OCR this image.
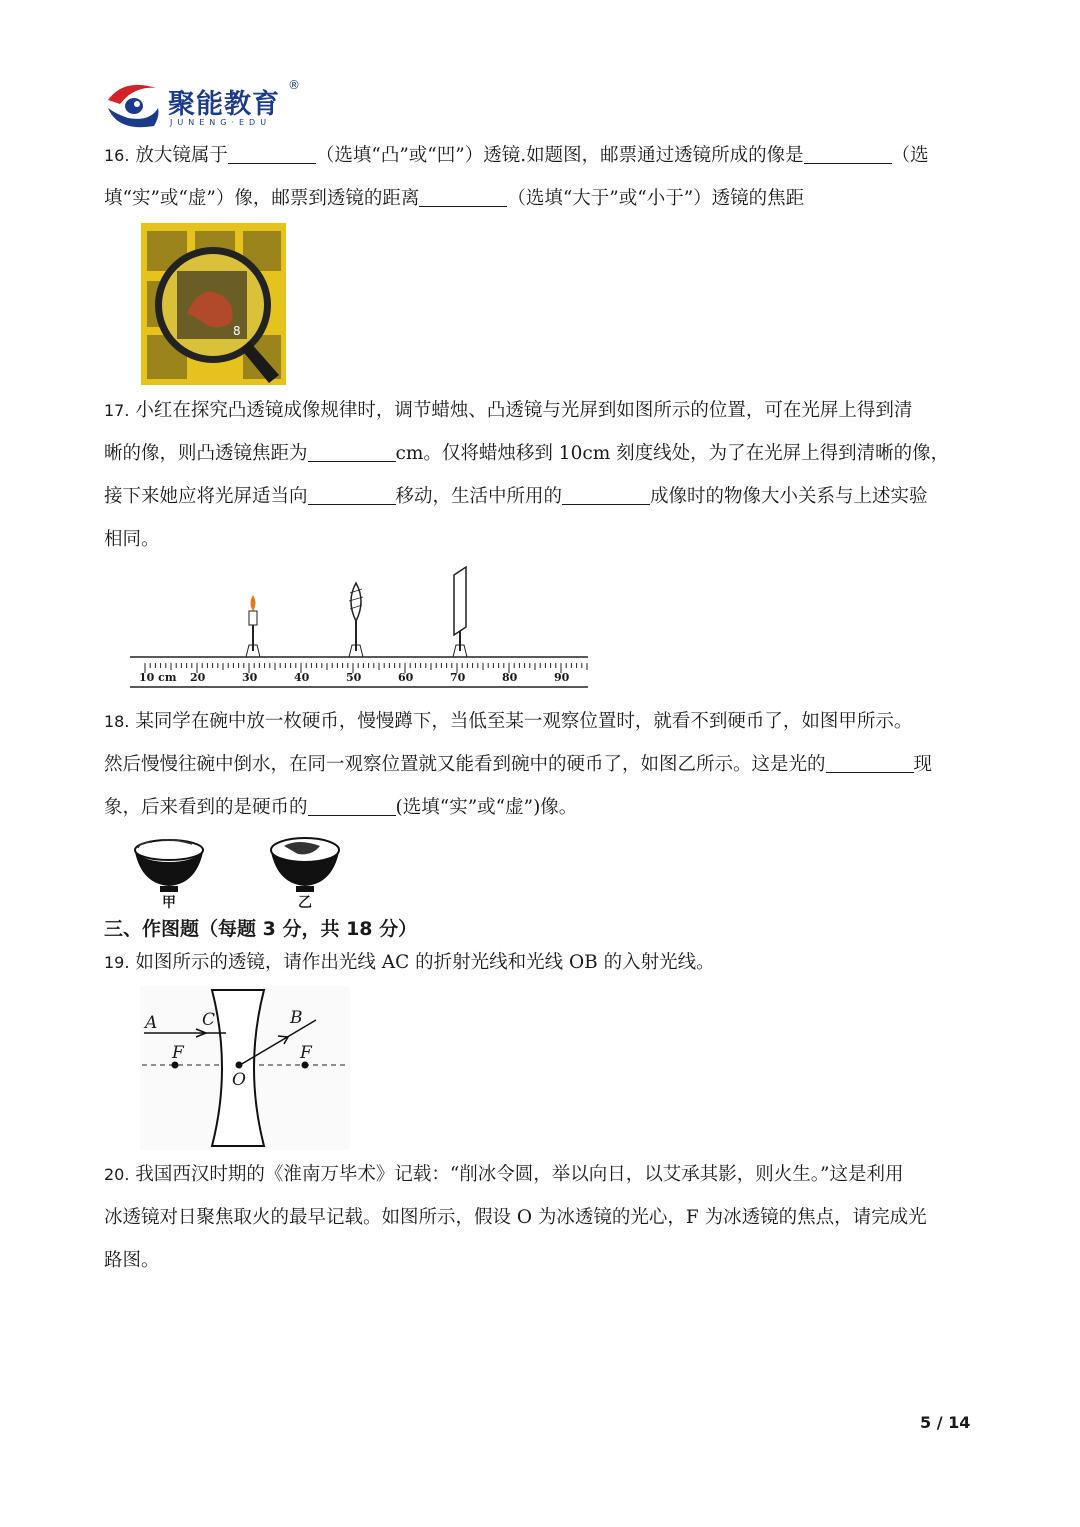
聚能教育
®
JUNENG·EDU
16. 放大镜属于	（选填“凸”或“凹”）透镜.如题图，邮票通过透镜所成的像是	（选
填“实”或“虚”）像，邮票到透镜的距离	（选填“大于”或“小于”）透镜的焦距
8
17. 小红在探究凸透镜成像规律时，调节蜡烛、凸透镜与光屏到如图所示的位置，可在光屏上得到清
晰的像，则凸透镜焦距为	cm。仅将蜡烛移到 10cm 刻度线处，为了在光屏上得到清晰的像，
接下来她应将光屏适当向	移动，生活中所用的	成像时的物像大小关系与上述实验
相同。
10 cm 20	30	40	50	60	70	80	90
18. 某同学在碗中放一枚硬币，慢慢蹲下，当低至某一观察位置时，就看不到硬币了，如图甲所示。
然后慢慢往碗中倒水，在同一观察位置就又能看到碗中的硬币了，如图乙所示。这是光的	现
象，后来看到的是硬币的	(选填“实”或“虚”)像。
甲	乙
三、作图题（每题 3 分，共 18 分）
19. 如图所示的透镜，请作出光线 AC 的折射光线和光线 OB 的入射光线。
A	C	B
F
O
F
20. 我国西汉时期的《淮南万毕术》记载：“削冰令圆，举以向日，以艾承其影，则火生。”这是利用
冰透镜对日聚焦取火的最早记载。如图所示，假设 O 为冰透镜的光心，F 为冰透镜的焦点，请完成光
路图。
5 / 14
